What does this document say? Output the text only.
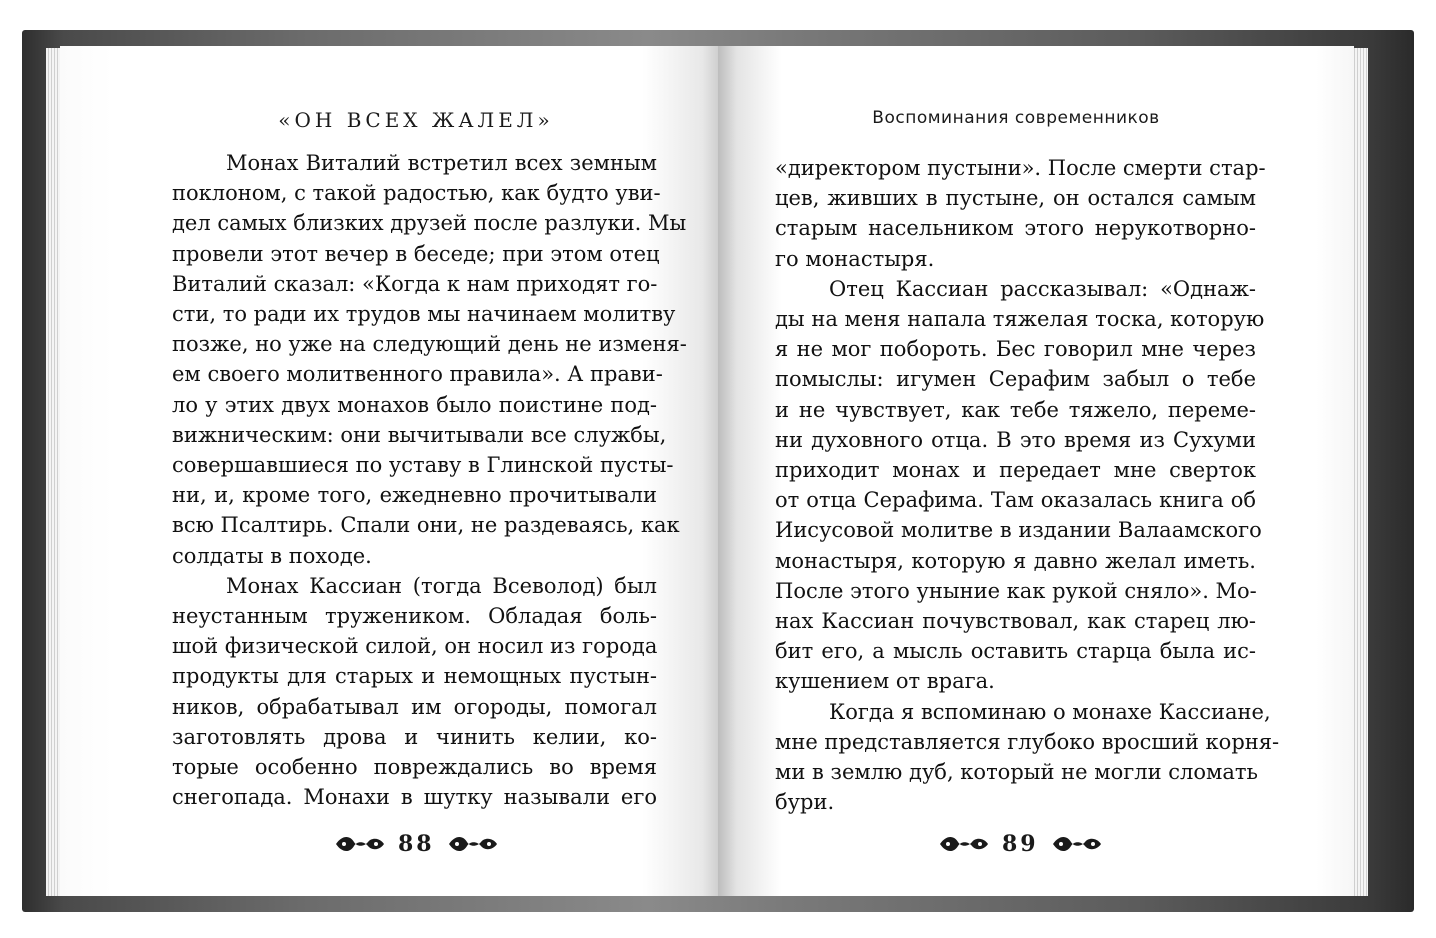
«ОН ВСЕХ ЖАЛЕЛ»	Воспоминания современников
Монах Виталий встретил всех земным
поклоном, с такой радостью, как будто уви-
дел самых близких друзей после разлуки. Мы
провели этот вечер в беседе; при этом отец
Виталий сказал: «Когда к нам приходят го-
сти, то ради их трудов мы начинаем молитву
позже, но уже на следующий день не изменя-
ем своего молитвенного правила». А прави-
ло у этих двух монахов было поистине под-
вижническим: они вычитывали все службы,
совершавшиеся по уставу в Глинской пусты-
ни, и, кроме того, ежедневно прочитывали
всю Псалтирь. Спали они, не раздеваясь, как
солдаты в походе.
Монах Кассиан (тогда Всеволод) был
неустанным тружеником. Обладая боль-
шой физической силой, он носил из города
продукты для старых и немощных пустын-
ников, обрабатывал им огороды, помогал
заготовлять дрова и чинить келии, ко-
торые особенно повреждались во время
снегопада. Монахи в шутку называли его
«директором пустыни». После смерти стар-
цев, живших в пустыне, он остался самым
старым насельником этого нерукотворно-
го монастыря.
Отец Кассиан рассказывал: «Однаж-
ды на меня напала тяжелая тоска, которую
я не мог побороть. Бес говорил мне через
помыслы: игумен Серафим забыл о тебе
и не чувствует, как тебе тяжело, переме-
ни духовного отца. В это время из Сухуми
приходит монах и передает мне сверток
от отца Серафима. Там оказалась книга об
Иисусовой молитве в издании Валаамского
монастыря, которую я давно желал иметь.
После этого уныние как рукой сняло». Мо-
нах Кассиан почувствовал, как старец лю-
бит его, а мысль оставить старца была ис-
кушением от врага.
Когда я вспоминаю о монахе Кассиане,
мне представляется глубоко вросший корня-
ми в землю дуб, который не могли сломать
бури.
88	89
